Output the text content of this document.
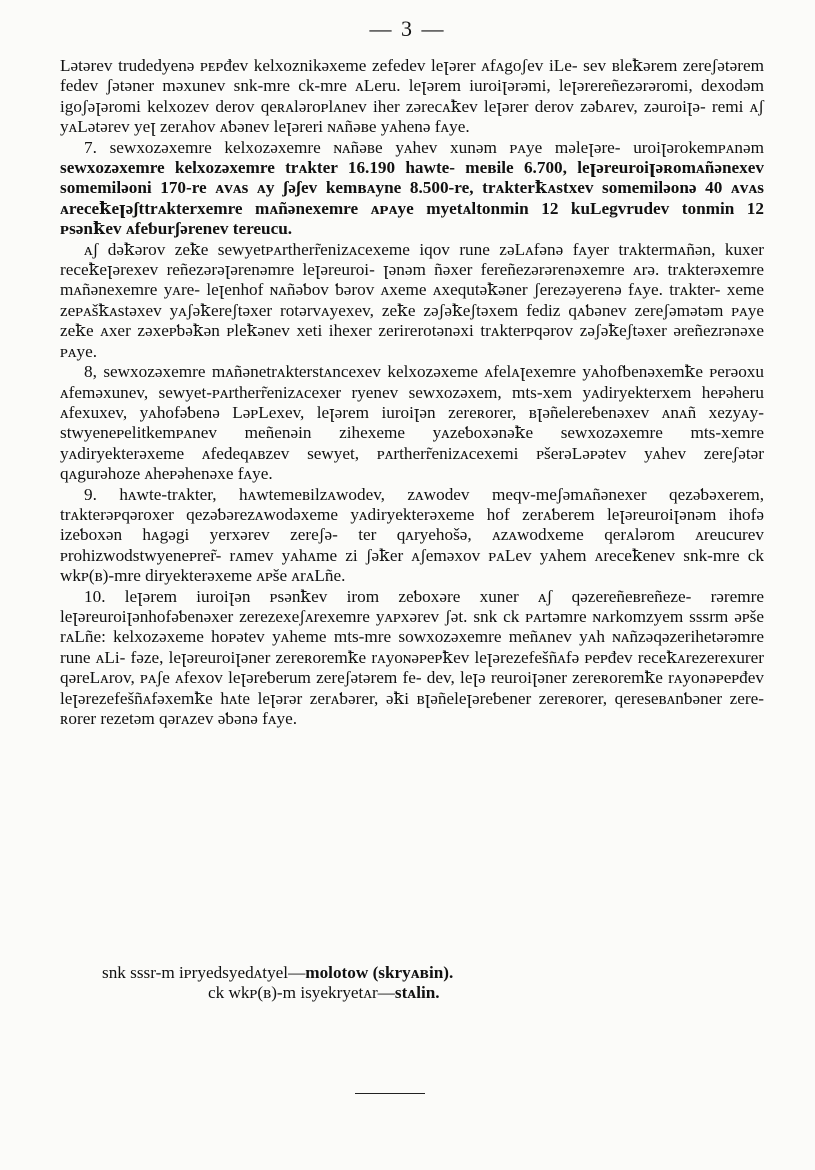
— 3 —

Lətərev trudedyenə ᴘᴇᴘđev kelxoznikəxeme zefedev leꞁərer ᴀfᴀgoʃev iLe- sev ʙleꝁərem zereʃətərem fedev ʃətəner məxunev snk-mre ck-mre ᴀLeru. leꞁərem iuroiꞁərəmi, leꞁərereñezərəromi, dexodəm igoʃəꞁəromi kelxozev derov qeʀᴀlərᴏᴘlᴀnev iher zərecᴀꝁev leꞁərer derov zəƅᴀrev, zəuroiꞁə- remi ᴀʃ yᴀLətərev yeꞁ zerᴀhov ᴀƅənev leꞁəreri ɴᴀñəʙe yᴀhenə fᴀye.

7. sewxozəxemre kelxozəxemre ɴᴀñəʙe yᴀhev xunəm ᴘᴀye məleꞁəre- uroiꞁərokemᴘᴀnəm sewxozəxemre kelxozəxemre trᴀkter 16.190 hawte- meʙile 6.700, leꞁəreuroiꞁəʀomᴀñənexev somemiləoni 170-re ᴀvᴀs ᴀy ʃəʃev kemʙᴀyne 8.500-re, trᴀkterꝁᴀstxev somemiləonə 40 ᴀvᴀs ᴀreceꝁeꞁəʃttrᴀkterxemre mᴀñənexemre ᴀᴘᴀye myetᴀltonmin 12 kuLegvrudev tonmin 12 ᴘsənꝁev ᴀfeƅurʃərenev tereucu.

ᴀʃ dəꝁərov zeꝁe sewyetᴘᴀrtherr̃enizᴀcexeme iqov rune zəLᴀfənə fᴀyer trᴀktermᴀñən, kuxer receꝁeꞁərexev reñezərəꞁərenəmre leꞁəreuroi- ꞁənəm ñəxer fereñezərərenəxemre ᴀrə. trᴀkterəxemre mᴀñənexemre yᴀre- leꞁenhof ɴᴀñəƅov ƅərov ᴀxeme ᴀxequtəꝁəner ʃerezəyerenə fᴀye. trᴀkter- xeme zeᴘᴀšꝁᴀstəxev yᴀʃəꝁereʃtəxer rotərvᴀyexev, zeꝁe zəʃəꝁeʃtəxem fediz qᴀƅənev zereʃəmətəm ᴘᴀye zeꝁe ᴀxer zəxeᴘƅəꝁən ᴘleꝁənev xeti ihexer zerirerotənəxi trᴀkterᴘqərov zəʃəꝁeʃtəxer əreñezrənəxe ᴘᴀye.

8, sewxozəxemre mᴀñənetrᴀkterstᴀncexev kelxozəxeme ᴀfelᴀꞁexemre yᴀhofƅenəxemꝁe ᴘerəoxu ᴀfeməxunev, sewyet-ᴘᴀrtherr̃enizᴀcexer ryenev sewxozəxem, mts-xem yᴀdiryekterxem heᴘəheru ᴀfexuxev, yᴀhofəƅenə LəᴘLexev, leꞁərem iuroiꞁən zereʀorer, ʙꞁəñelereƅenəxev ᴀnᴀñ xezyᴀy- stwyeneᴘelitkemᴘᴀnev meñenəin ziheхeme yᴀzeƅoxənəꝁe sewxozəxemre mts-xemre yᴀdiryekterəxeme ᴀfedeqᴀʙzev sewyet, ᴘᴀrtherr̃enizᴀcexemi ᴘšerəLəᴘətev yᴀhev zereʃətər qᴀgurəhoze ᴀheᴘəhenəxe fᴀye.

9. hᴀwte-trᴀkter, hᴀwtemeʙilzᴀwodev, zᴀwodev meqv-meʃəmᴀñənexer qezəƅəxerem, trᴀkterəᴘqəroxer qezəƅərezᴀwodəxeme yᴀdiryekterəxeme hof zerᴀƅerem leꞁəreuroiꞁənəm ihofə izeƅoxən hᴀgəgi yerxərev zereʃə- ter qᴀryehošə, ᴀzᴀwodxeme qerᴀlərom ᴀreucurev ᴘrohizwodstwyeneᴘrer̃- rᴀmev yᴀhᴀme zi ʃəꝁer ᴀʃeməxov ᴘᴀLev yᴀhem ᴀreceꝁenev snk-mre ck wkᴘ(ʙ)-mre diryekterəxeme ᴀᴘše ᴀrᴀLñe.

10. leꞁərem iuroiꞁən ᴘsənꝁev irom zeƅoxəre xuner ᴀʃ qəzereñeʙreñeze- rəremre leꞁəreuroiꞁənhofəƅenəxer zerezexeʃᴀrexemre yᴀᴘxərev ʃət. snk ck ᴘᴀrtəmre ɴᴀrkomzyem sssrm əᴘše rᴀLñe: kelxozəxeme hoᴘətev yᴀheme mts-mre sowxozəxemre meñᴀnev yᴀh ɴᴀñzəqəzerihetərəmre rune ᴀLi- fəze, leꞁəreuroiꞁəner zereʀoremꝁe rᴀyoɴəᴘeᴘꝁev leꞁərezefešñᴀfə ᴘeᴘđev receꝁᴀrezerexurer qəreLᴀrov, ᴘᴀʃe ᴀfexov leꞁəreƅerum zereʃətərem fe- dev, leꞁə reuroiꞁəner zereʀoremꝁe rᴀyonəᴘeᴘđev leꞁərezefešñᴀfəxemꝁe hᴀte leꞁərər zerᴀƅərer, əꝁi ʙꞁəñeleꞁəreƅener zereʀorer, qereseʙᴀnƅəner zere- ʀorer rezetəm qərᴀzev əƅənə fᴀye.

snk sssr-m iᴘryedsyedᴀtyel—molotow (skryᴀʙin).
ck wkᴘ(ʙ)-m isyekryetᴀr—stᴀlin.
